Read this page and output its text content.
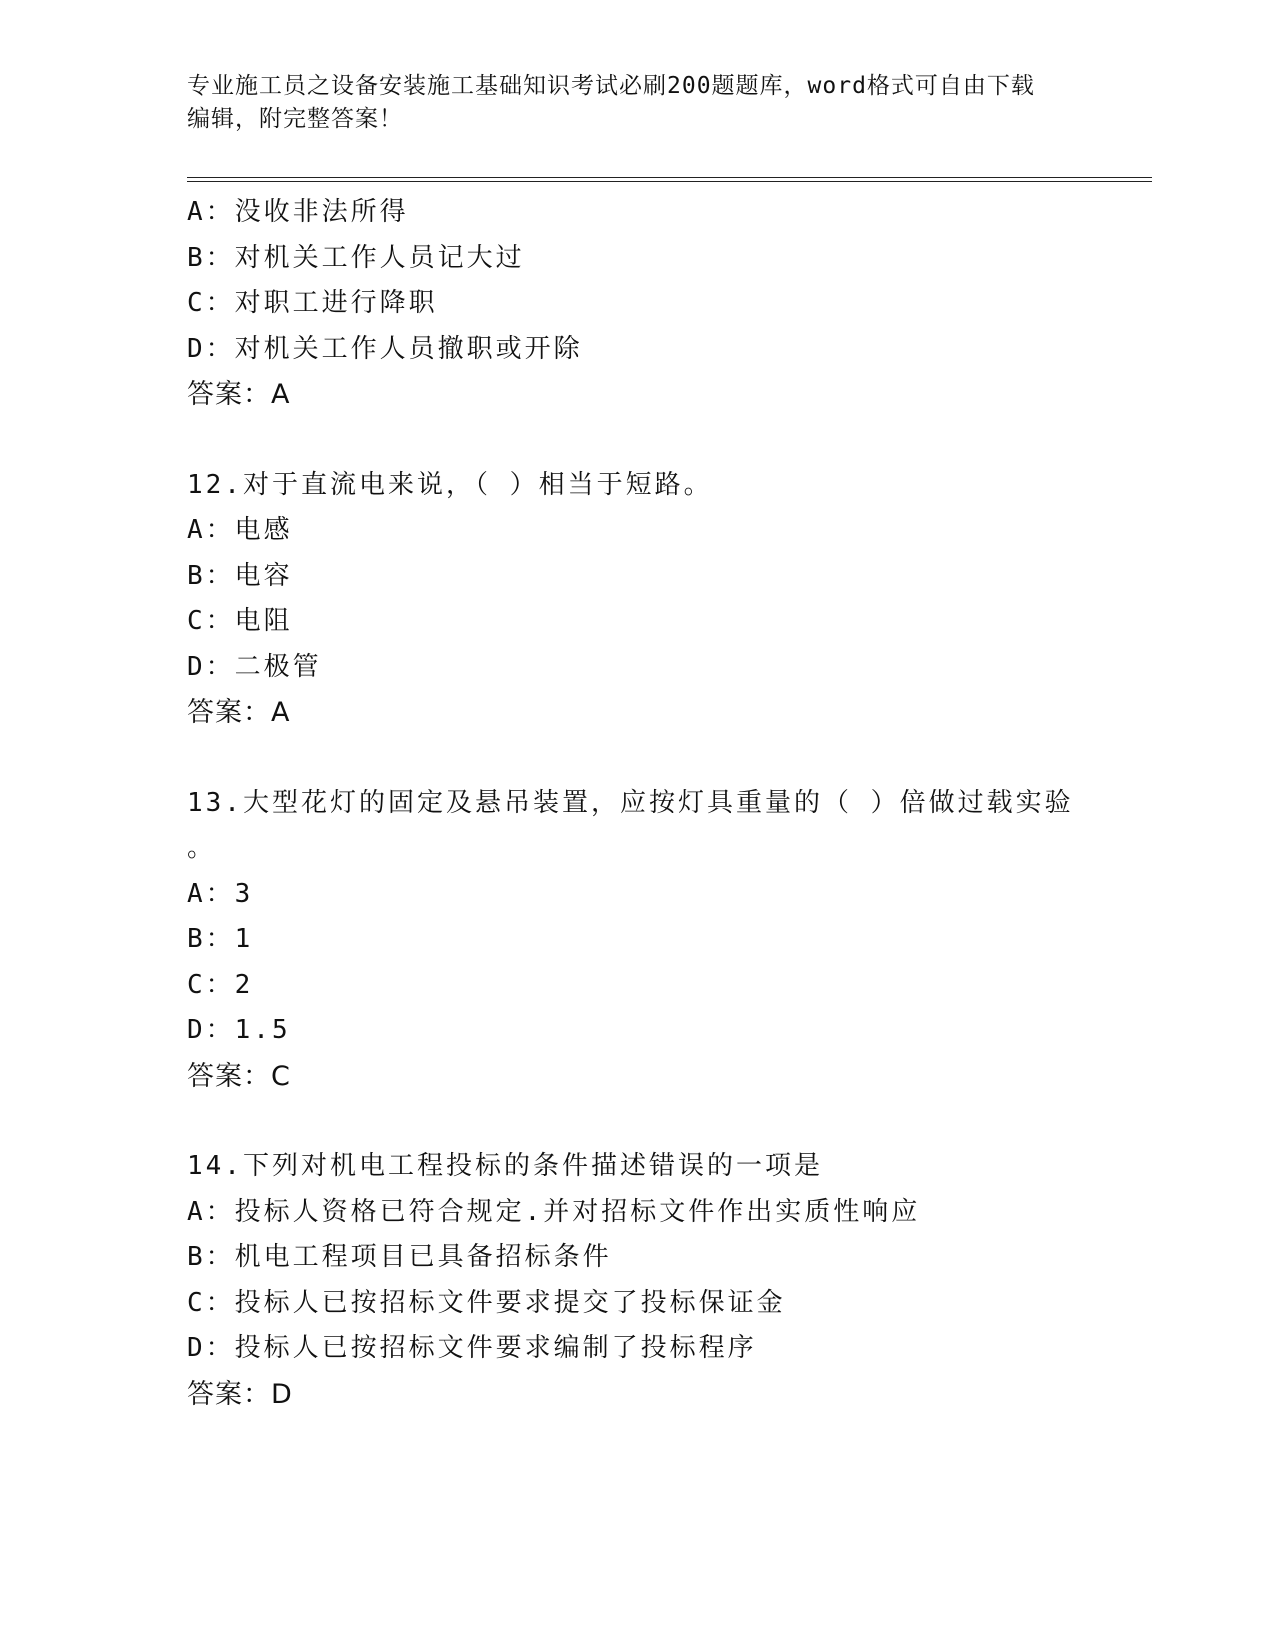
专业施工员之设备安装施工基础知识考试必刷200题题库，word格式可自由下载
编辑，附完整答案！
A：没收非法所得
B：对机关工作人员记大过
C：对职工进行降职
D：对机关工作人员撤职或开除
答案：A
12.对于直流电来说，（ ）相当于短路。
A：电感
B：电容
C：电阻
D：二极管
答案：A
13.大型花灯的固定及悬吊装置，应按灯具重量的（ ）倍做过载实验
。
A：3
B：1
C：2
D：1.5
答案：C
14.下列对机电工程投标的条件描述错误的一项是
A：投标人资格已符合规定.并对招标文件作出实质性响应
B：机电工程项目已具备招标条件
C：投标人已按招标文件要求提交了投标保证金
D：投标人已按招标文件要求编制了投标程序
答案：D
